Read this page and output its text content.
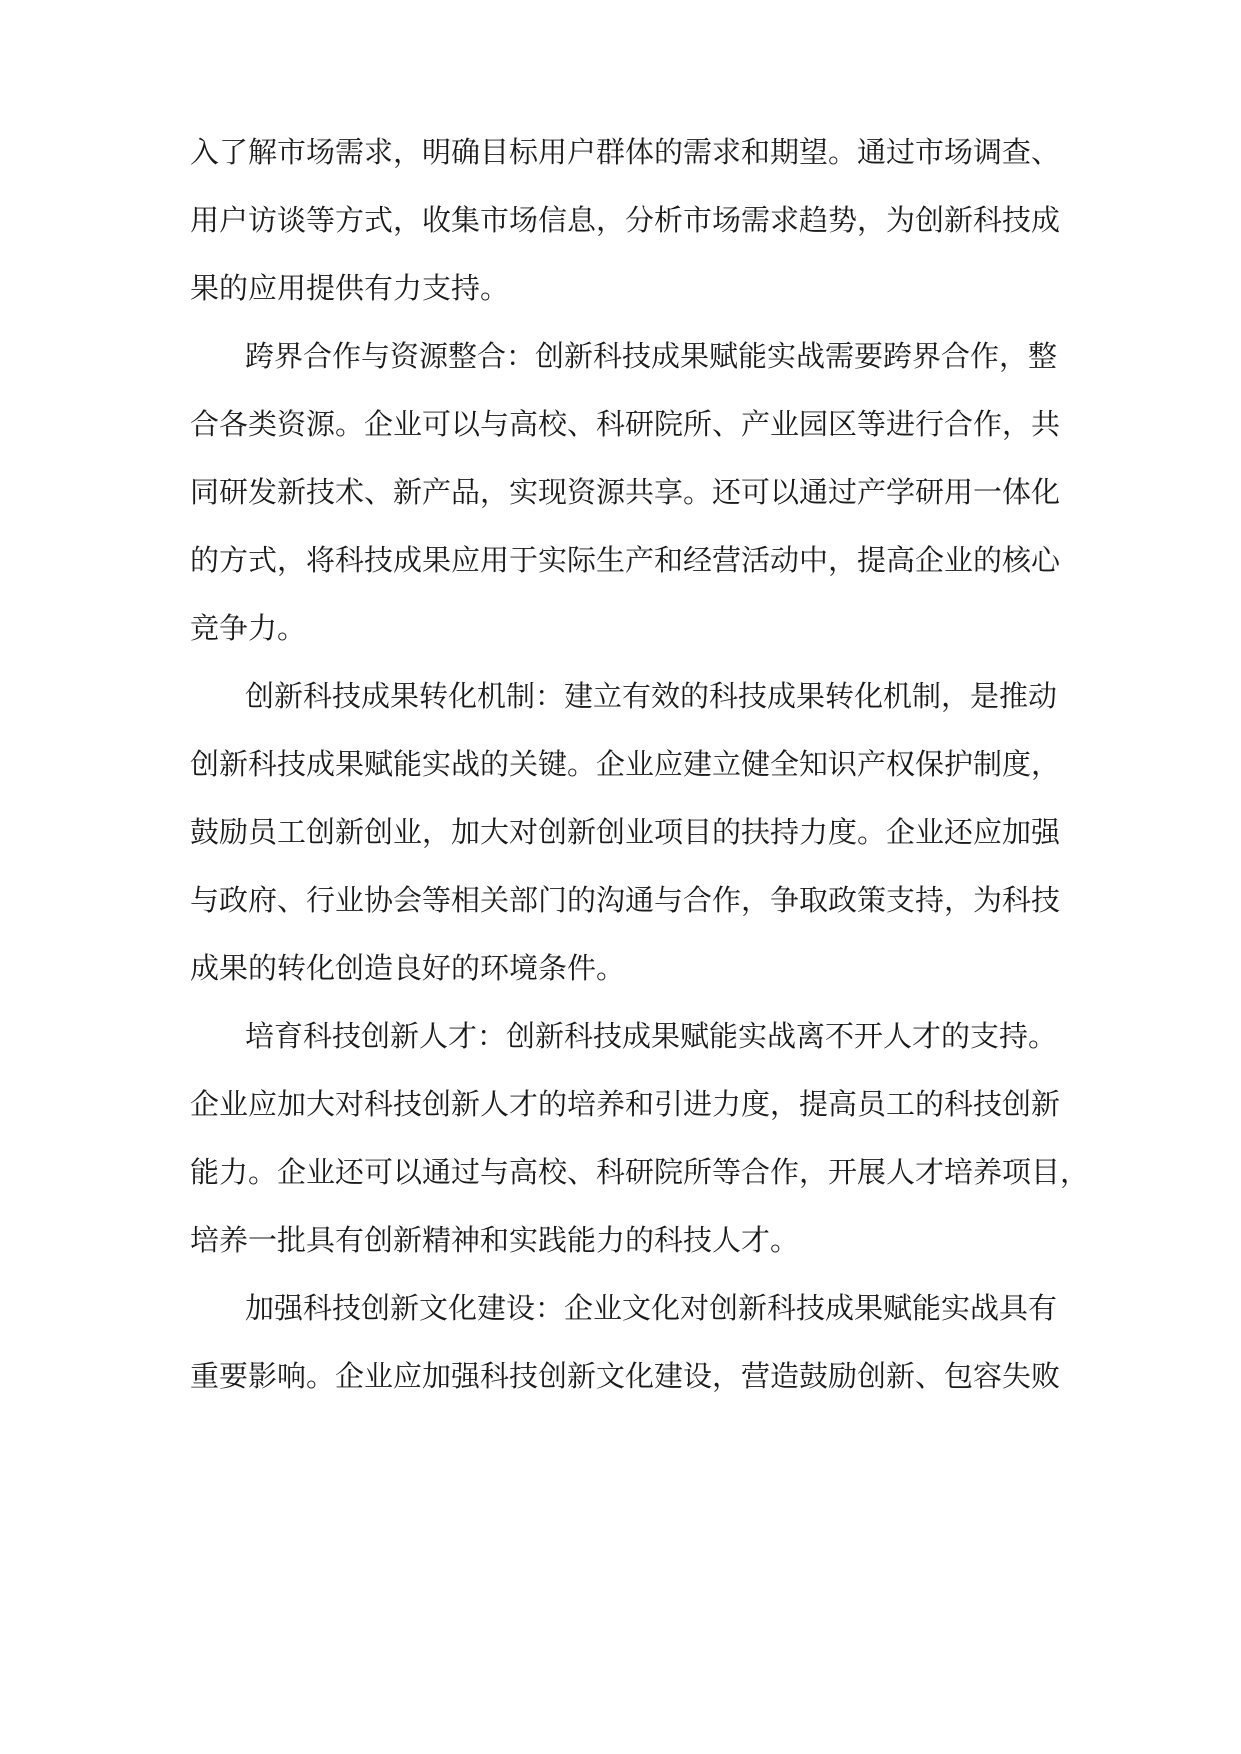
入了解市场需求，明确目标用户群体的需求和期望。通过市场调查、
用户访谈等方式，收集市场信息，分析市场需求趋势，为创新科技成
果的应用提供有力支持。
跨界合作与资源整合：创新科技成果赋能实战需要跨界合作，整
合各类资源。企业可以与高校、科研院所、产业园区等进行合作，共
同研发新技术、新产品，实现资源共享。还可以通过产学研用一体化
的方式，将科技成果应用于实际生产和经营活动中，提高企业的核心
竞争力。
创新科技成果转化机制：建立有效的科技成果转化机制，是推动
创新科技成果赋能实战的关键。企业应建立健全知识产权保护制度，
鼓励员工创新创业，加大对创新创业项目的扶持力度。企业还应加强
与政府、行业协会等相关部门的沟通与合作，争取政策支持，为科技
成果的转化创造良好的环境条件。
培育科技创新人才：创新科技成果赋能实战离不开人才的支持。
企业应加大对科技创新人才的培养和引进力度，提高员工的科技创新
能力。企业还可以通过与高校、科研院所等合作，开展人才培养项目，
培养一批具有创新精神和实践能力的科技人才。
加强科技创新文化建设：企业文化对创新科技成果赋能实战具有
重要影响。企业应加强科技创新文化建设，营造鼓励创新、包容失败
